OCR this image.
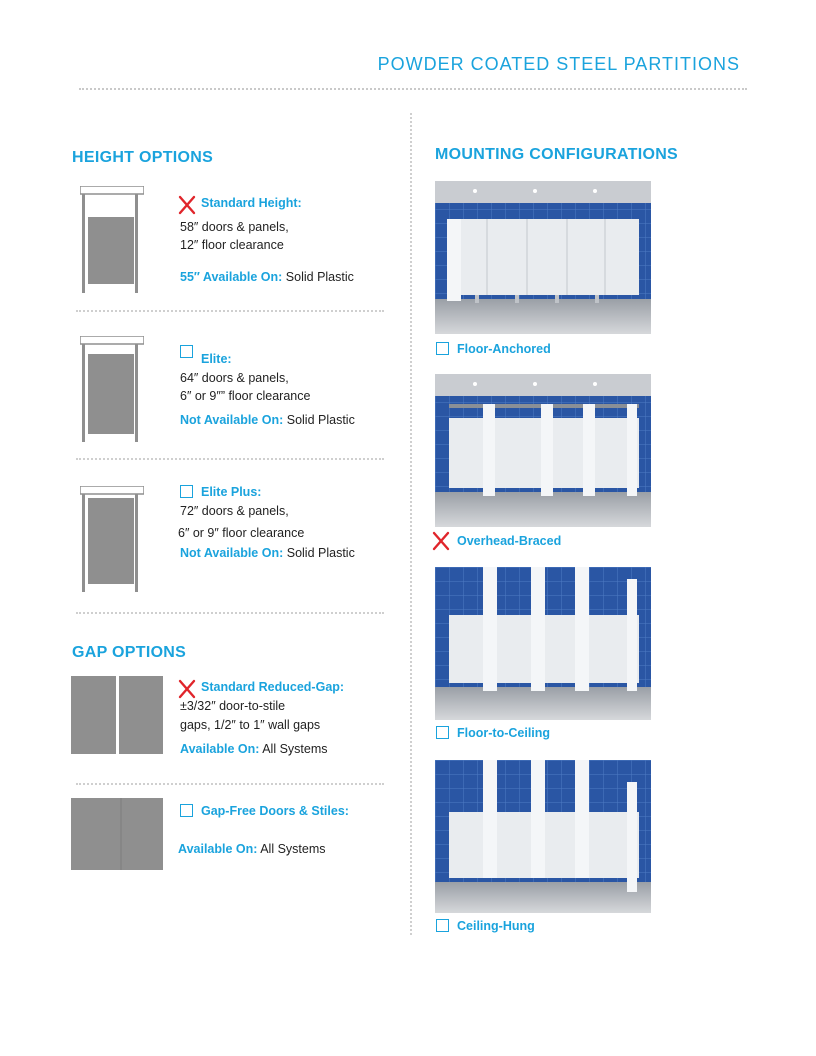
POWDER COATED STEEL PARTITIONS
HEIGHT OPTIONS
Standard Height:
58″ doors & panels,
12″ floor clearance
55″ Available On: Solid Plastic
Elite:
64″ doors & panels,
6″ or 9″” floor clearance
Not Available On: Solid Plastic
Elite Plus:
72″ doors & panels,
6″ or 9″ floor clearance
Not Available On: Solid Plastic
GAP OPTIONS
Standard Reduced-Gap:
±3/32″ door-to-stile
gaps, 1/2″ to 1″ wall gaps
Available On: All Systems
Gap-Free Doors & Stiles:
Available On: All Systems
MOUNTING CONFIGURATIONS
Floor-Anchored
Overhead-Braced
Floor-to-Ceiling
Ceiling-Hung
